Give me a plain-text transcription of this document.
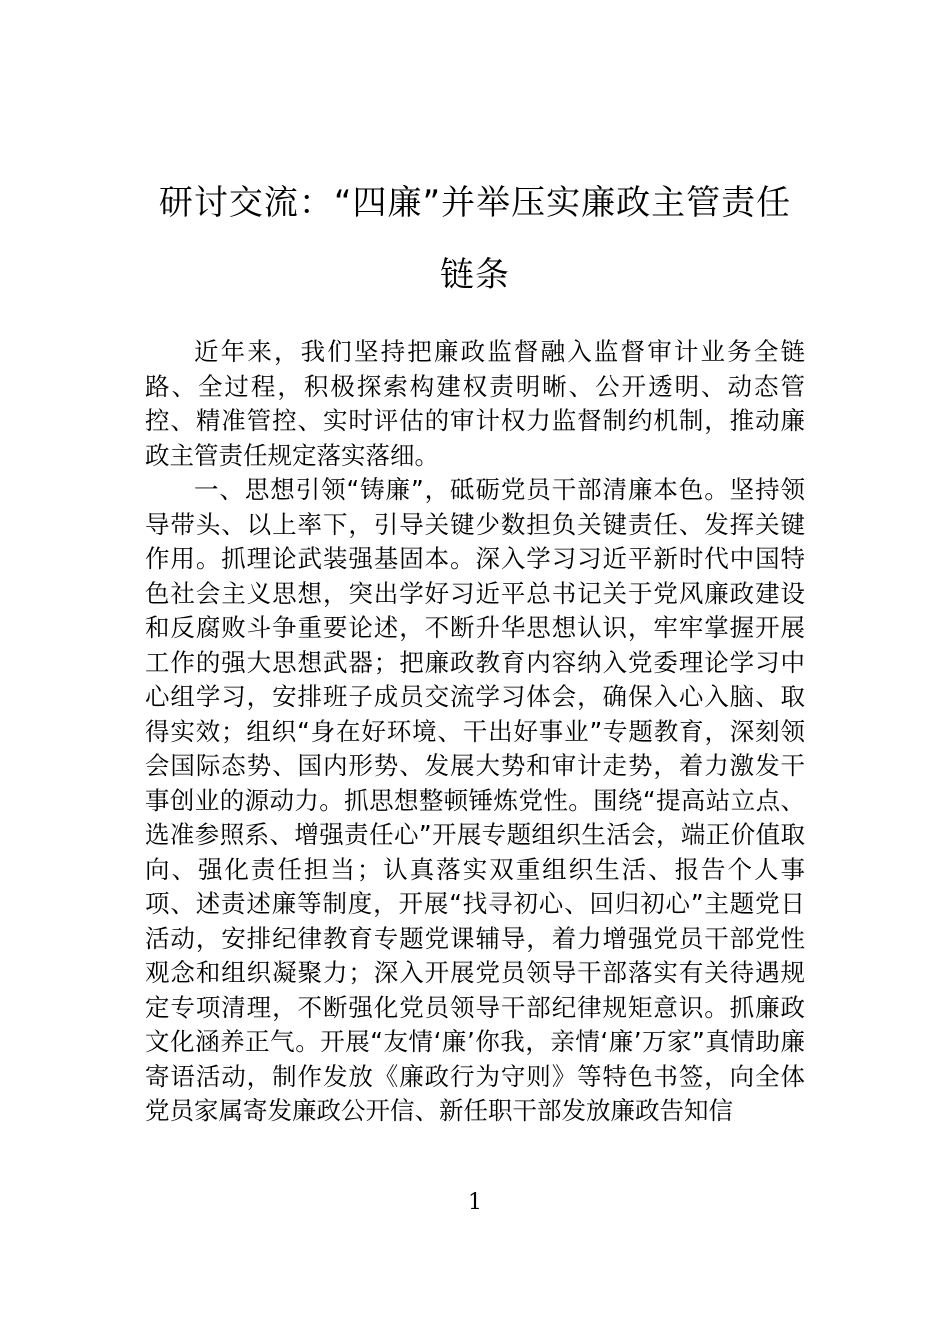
研讨交流：“四廉”并举压实廉政主管责任链条

近年来，我们坚持把廉政监督融入监督审计业务全链路、全过程，积极探索构建权责明晰、公开透明、动态管控、精准管控、实时评估的审计权力监督制约机制，推动廉政主管责任规定落实落细。

一、思想引领“铸廉”，砥砺党员干部清廉本色。坚持领导带头、以上率下，引导关键少数担负关键责任、发挥关键作用。抓理论武装强基固本。深入学习习近平新时代中国特色社会主义思想，突出学好习近平总书记关于党风廉政建设和反腐败斗争重要论述，不断升华思想认识，牢牢掌握开展工作的强大思想武器；把廉政教育内容纳入党委理论学习中心组学习，安排班子成员交流学习体会，确保入心入脑、取得实效；组织“身在好环境、干出好事业”专题教育，深刻领会国际态势、国内形势、发展大势和审计走势，着力激发干事创业的源动力。抓思想整顿锤炼党性。围绕“提高站立点、选准参照系、增强责任心”开展专题组织生活会，端正价值取向、强化责任担当；认真落实双重组织生活、报告个人事项、述责述廉等制度，开展“找寻初心、回归初心”主题党日活动，安排纪律教育专题党课辅导，着力增强党员干部党性观念和组织凝聚力；深入开展党员领导干部落实有关待遇规定专项清理，不断强化党员领导干部纪律规矩意识。抓廉政文化涵养正气。开展“友情‘廉’你我，亲情‘廉’万家”真情助廉寄语活动，制作发放《廉政行为守则》等特色书签，向全体党员家属寄发廉政公开信、新任职干部发放廉政告知信

1
